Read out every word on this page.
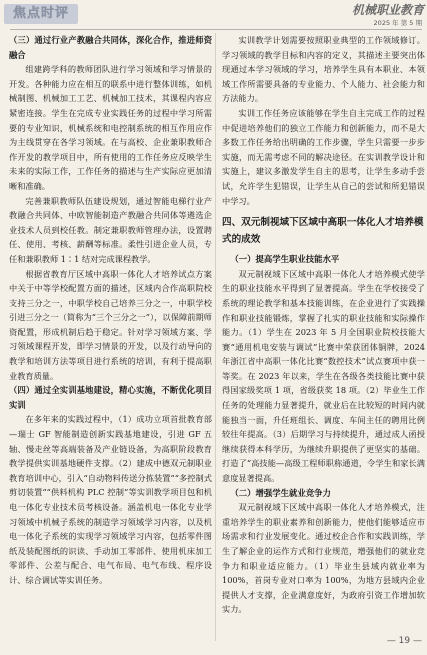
焦点时评	机械职业教育
2025 年 第 5 期

（三）通过行业产教融合共同体，深化合作，推进师资融合

组建跨学科的教师团队进行学习领域和学习情景的开发。各种能力应在相互的联系中进行整体训练，如机械制图、机械加工工艺、机械加工技术，其课程内容应紧密连接。学生在完成专业实践任务的过程中学习所需要的专业知识，机械系统和电控制系统的相互作用应作为主线贯穿在各学习领域。在与高校、企业兼职教师合作开发的教学项目中，所有使用的工作任务应反映学生未来的实际工作，工作任务的描述与生产实际应更加清晰和准确。

完善兼职教师队伍建设规划，通过智能电梯行业产教融合共同体、中欧智能制造产教融合共同体等遴选企业技术人员到校任教。制定兼职教师管理办法，设置聘任、使用、考核、薪酬等标准。柔性引进企业人员，专任和兼职教师 1∶1 结对完成课程教学。

根据省教育厅区域中高职一体化人才培养试点方案中关于中等学校配置方面的描述，区域内合作高职院校支持三分之一，中职学校自己培养三分之一，中职学校引进三分之一（简称为“三个三分之一”），以保障前期师资配置，形成机制后趋于稳定。针对学习领域方案、学习领域课程开发，即学习情景的开发，以及行动导向的教学和培训方法等项目进行系统的培训，有利于提高职业教育质量。

（四）通过全实训基地建设，精心实施，不断优化项目实训

在多年来的实践过程中，（1）成功立项首批教育部—瑞士 GF 智能制造创新实践基地建设，引进 GF 五轴、慢走丝等高端装备及产业链设备，为高职阶段教育教学提供实训基地硬件支撑。（2）建成中德双元制职业教育培训中心，引入“自动物料传送分拣装置”“多控制式剪切装置”“供料机构 PLC 控制”等实训教学项目包和机电一体化专业技术员考核设备。涵盖机电一体化专业学习领域中机械子系统的制造学习领域学习内容，以及机电一体化子系统的实现学习领域学习内容，包括零件图纸及装配图纸的识读、手动加工零部件、使用机床加工零部件、公差与配合、电气布局、电气布线、程序设计、综合调试等实训任务。

实训教学计划需要按照职业典型的工作领域修订。学习领域的教学目标和内容的定义，其描述主要突出体现通过本学习领域的学习，培养学生具有本职业、本领域工作所需要具备的专业能力、个人能力、社会能力和方法能力。

实训工作任务应该能够在学生自主完成工作的过程中促进培养他们的独立工作能力和创新能力，而不是大多数工作任务给出明确的工作步骤，学生只需要一步步实施，而无需考虑不同的解决途径。在实训教学设计和实施上，建议多激发学生自主的思考，让学生多动手尝试，允许学生犯错误，让学生从自己的尝试和所犯错误中学习。

四、双元制视域下区域中高职一体化人才培养模式的成效

（一）提高学生职业技能水平

双元制视域下区域中高职一体化人才培养模式使学生的职业技能水平得到了显著提高。学生在学校接受了系统的理论教学和基本技能训练，在企业进行了实践操作和职业技能锻炼，掌握了扎实的职业技能和实际操作能力。（1）学生在 2023 年 5 月全国职业院校技能大赛“通用机电安装与调试”比赛中荣获团体铜牌，2024 年浙江省中高职一体化比赛“数控技术”试点赛项中获一等奖。在 2023 年以来，学生在各级各类技能比赛中获得国家级奖项 1 项，省级获奖 18 项。（2）毕业生工作任务的处理能力显著提升，就业后在比较短的时间内就能独当一面，升任班组长、调度、车间主任的聘用比例较往年提高。（3）后期学习与持续提升，通过成人函授继续获得本科学历，为继续升职提供了更坚实的基础。打造了“高技能—高级工程师职称通道，令学生和家长满意度显著提高。

（二）增强学生就业竞争力

双元制视域下区域中高职一体化人才培养模式，注重培养学生的职业素养和创新能力，使他们能够适应市场需求和行业发展变化。通过校企合作和实践训练，学生了解企业的运作方式和行业规范，增强他们的就业竞争力和职业适应能力。（1）毕业生县域内就业率为 100%，首岗专业对口率为 100%，为地方县域内企业提供人才支撑，企业满意度好，为政府引资工作增加软实力。

— 19 —
